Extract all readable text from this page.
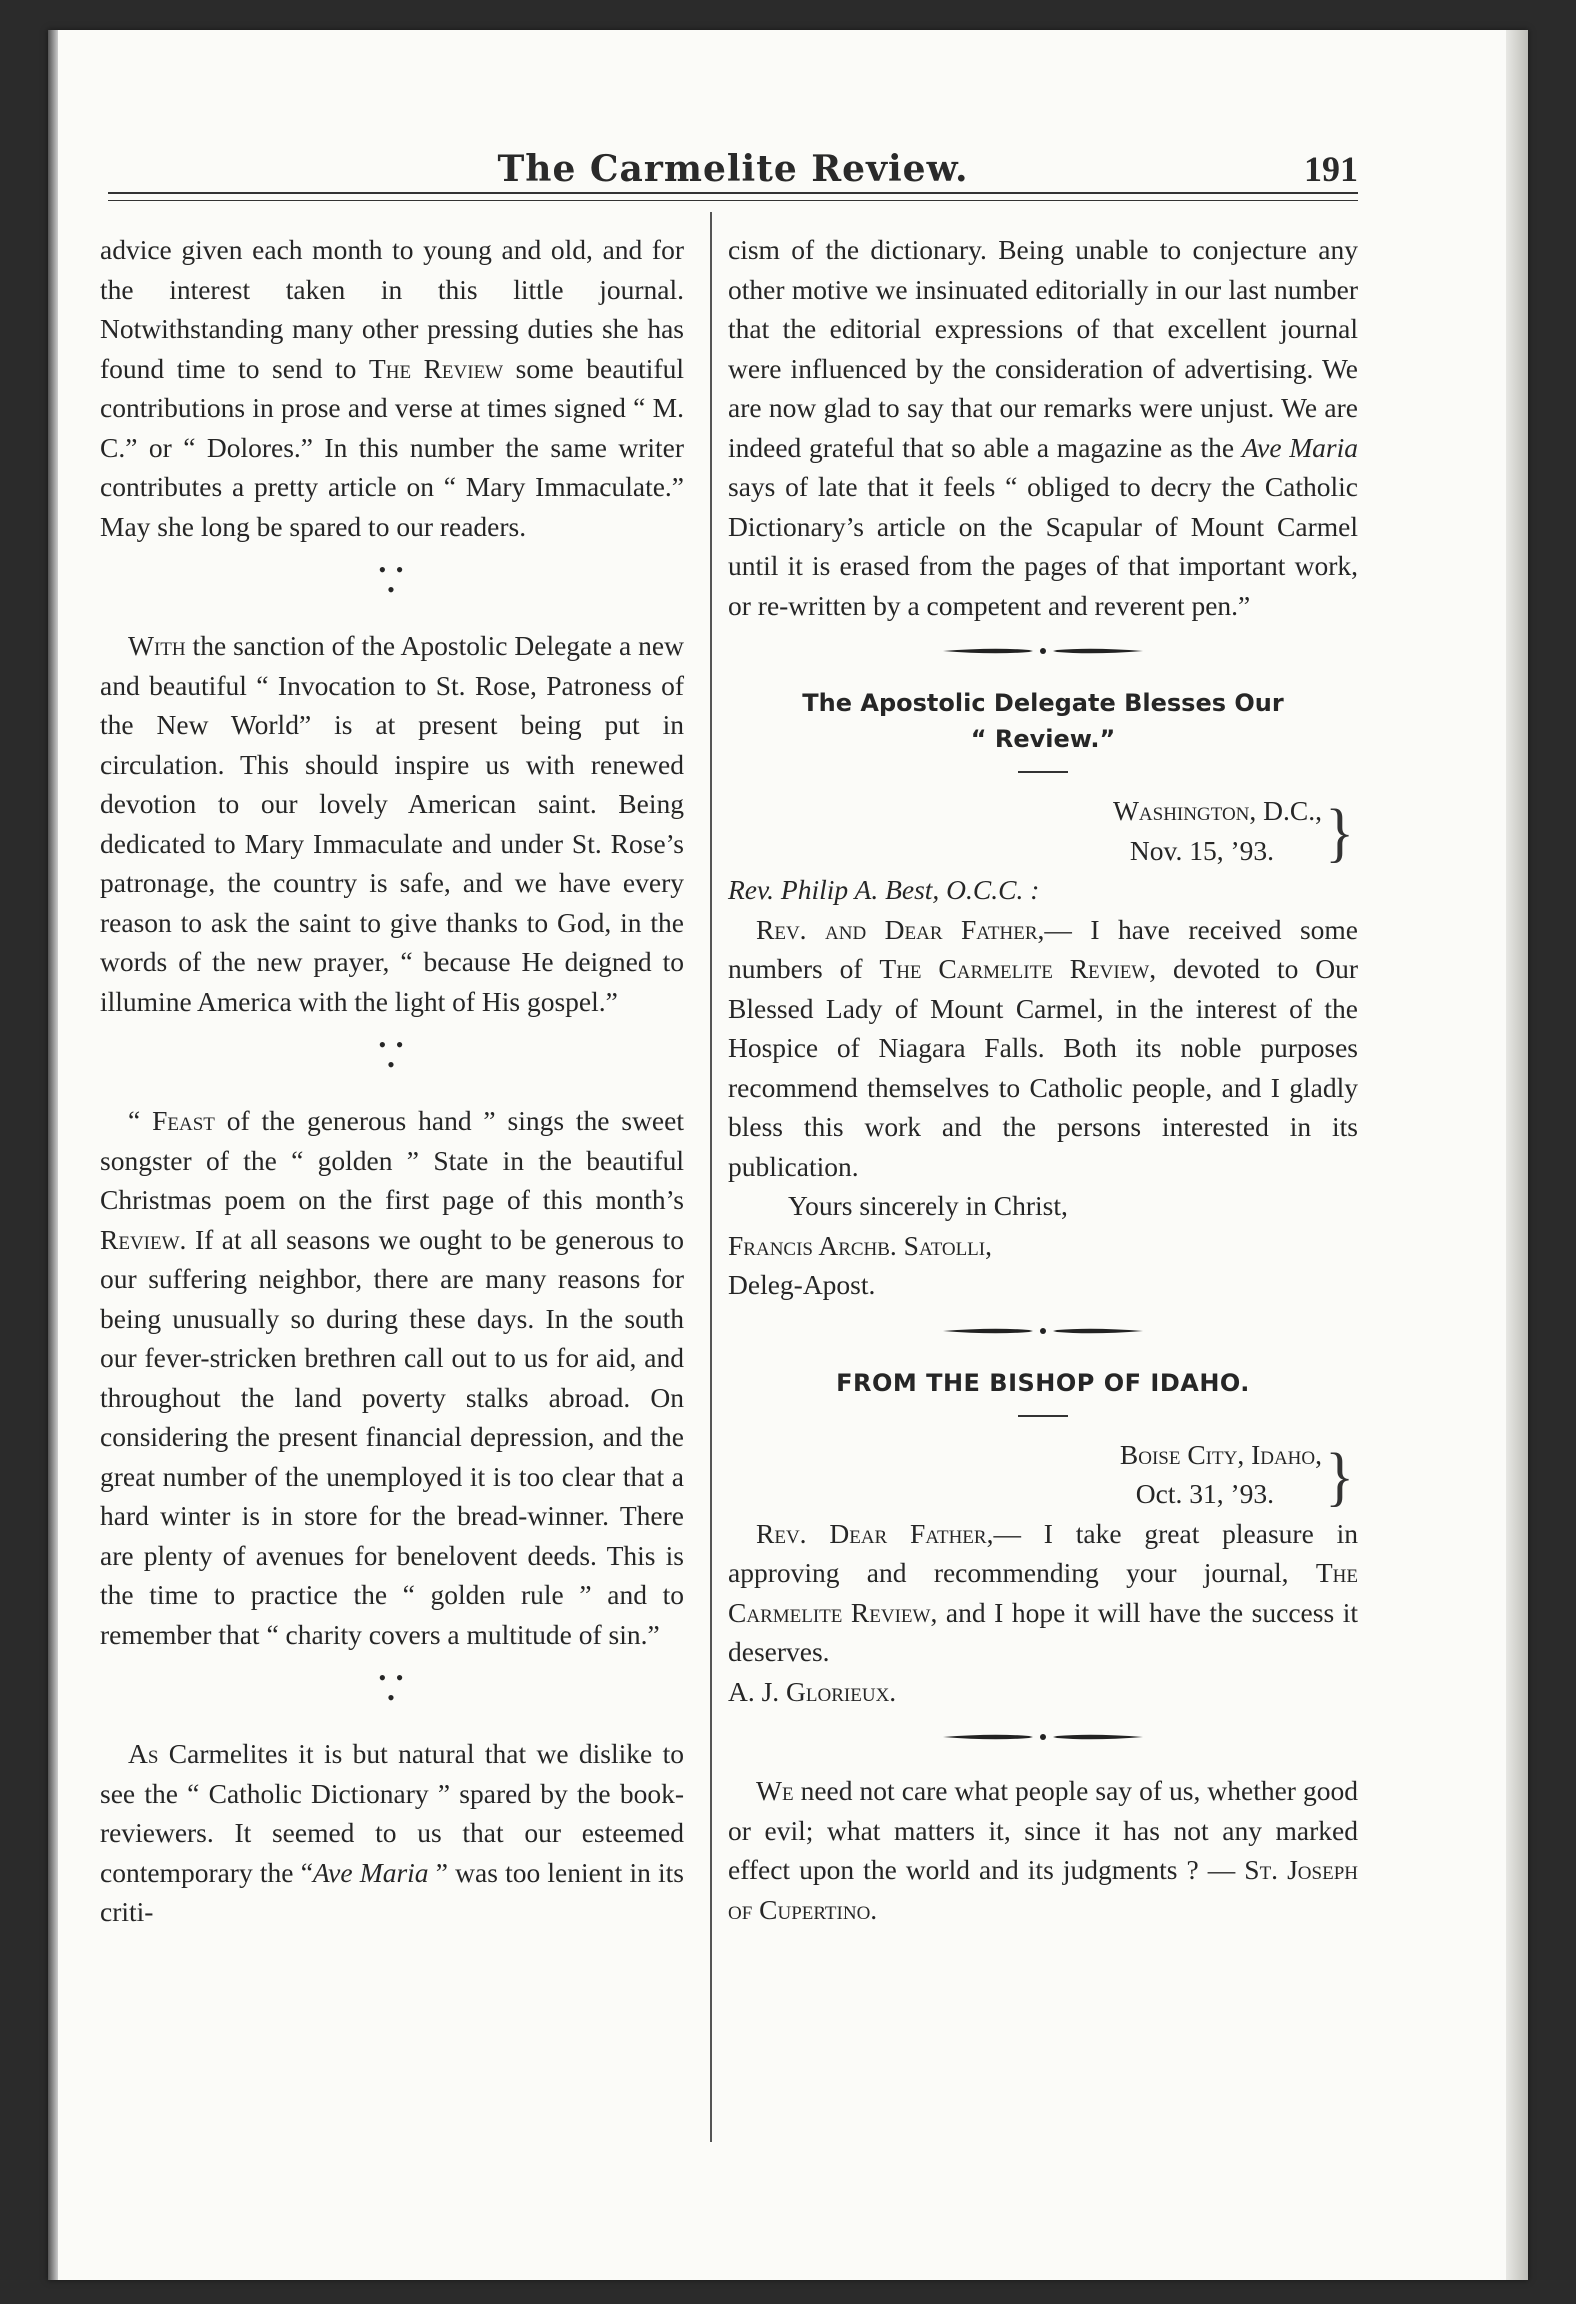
The Carmelite Review.	191

advice given each month to young and old, and for the interest taken in this little journal. Notwithstanding many other pressing duties she has found time to send to The Review some beautiful contributions in prose and verse at times signed “ M. C.” or “ Dolores.” In this number the same writer contributes a pretty article on “ Mary Immaculate.” May she long be spared to our readers.

• •
•

With the sanction of the Apostolic Delegate a new and beautiful “ Invocation to St. Rose, Patroness of the New World” is at present being put in circulation. This should inspire us with renewed devotion to our lovely American saint. Being dedicated to Mary Immaculate and under St. Rose’s patronage, the country is safe, and we have every reason to ask the saint to give thanks to God, in the words of the new prayer, “ because He deigned to illumine America with the light of His gospel.”

• •
•

“ Feast of the generous hand ” sings the sweet songster of the “ golden ” State in the beautiful Christmas poem on the first page of this month’s Review. If at all seasons we ought to be generous to our suffering neighbor, there are many reasons for being unusually so during these days. In the south our fever-stricken brethren call out to us for aid, and throughout the land poverty stalks abroad. On considering the present financial depression, and the great number of the unemployed it is too clear that a hard winter is in store for the bread-winner. There are plenty of avenues for benelovent deeds. This is the time to practice the “ golden rule ” and to remember that “ charity covers a multitude of sin.”

• •
•

As Carmelites it is but natural that we dislike to see the “ Catholic Dictionary ” spared by the book-reviewers. It seemed to us that our esteemed contemporary the “Ave Maria ” was too lenient in its criti-

cism of the dictionary. Being unable to conjecture any other motive we insinuated editorially in our last number that the editorial expressions of that excellent journal were influenced by the consideration of advertising. We are now glad to say that our remarks were unjust. We are indeed grateful that so able a magazine as the Ave Maria says of late that it feels “ obliged to decry the Catholic Dictionary’s article on the Scapular of Mount Carmel until it is erased from the pages of that important work, or re-written by a competent and reverent pen.”

The Apostolic Delegate Blesses Our
“ Review.”
Washington, D.C.,
Nov. 15, ’93. }

Rev. Philip A. Best, O.C.C. :

Rev. and Dear Father,— I have received some numbers of The Carmelite Review, devoted to Our Blessed Lady of Mount Carmel, in the interest of the Hospice of Niagara Falls. Both its noble purposes recommend themselves to Catholic people, and I gladly bless this work and the persons interested in its publication.

Yours sincerely in Christ,

Francis Archb. Satolli,

Deleg-Apost.

FROM THE BISHOP OF IDAHO.
Boise City, Idaho,
Oct. 31, ’93. }

Rev. Dear Father,— I take great pleasure in approving and recommending your journal, The Carmelite Review, and I hope it will have the success it deserves.

A. J. Glorieux.

We need not care what people say of us, whether good or evil; what matters it, since it has not any marked effect upon the world and its judgments ? — St. Joseph of Cupertino.
